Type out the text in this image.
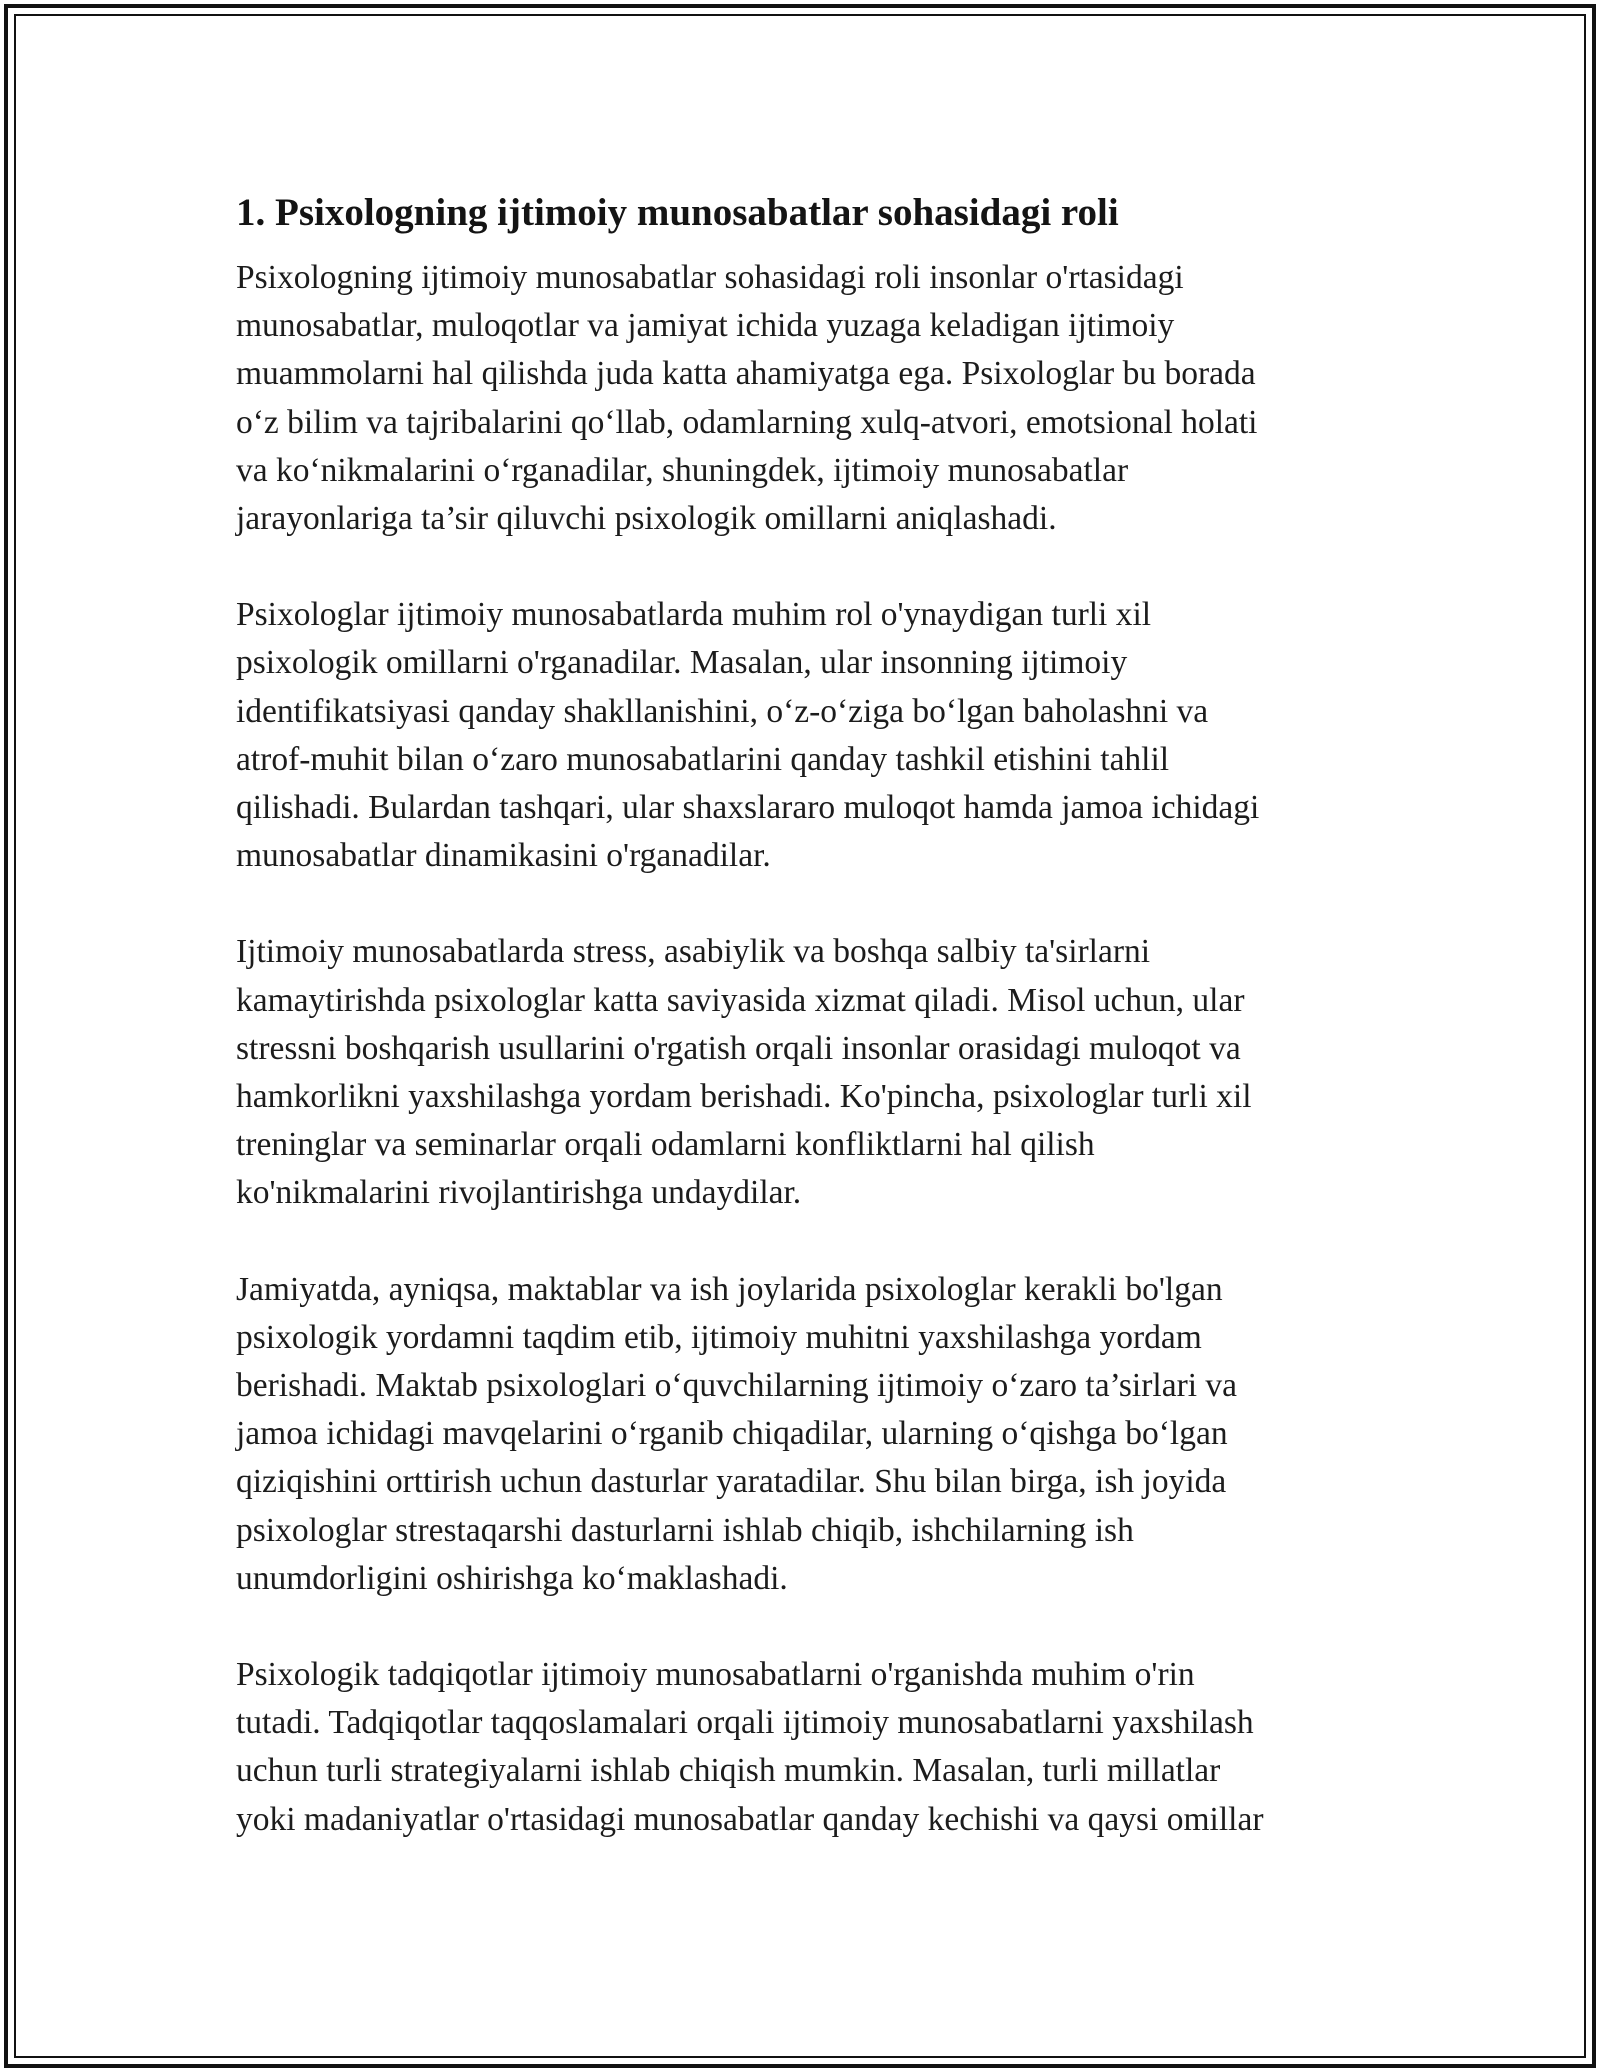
1. Psixologning ijtimoiy munosabatlar sohasidagi roli

Psixologning ijtimoiy munosabatlar sohasidagi roli insonlar o'rtasidagi
munosabatlar, muloqotlar va jamiyat ichida yuzaga keladigan ijtimoiy
muammolarni hal qilishda juda katta ahamiyatga ega. Psixologlar bu borada
o‘z bilim va tajribalarini qo‘llab, odamlarning xulq-atvori, emotsional holati
va ko‘nikmalarini o‘rganadilar, shuningdek, ijtimoiy munosabatlar
jarayonlariga ta’sir qiluvchi psixologik omillarni aniqlashadi.

Psixologlar ijtimoiy munosabatlarda muhim rol o'ynaydigan turli xil
psixologik omillarni o'rganadilar. Masalan, ular insonning ijtimoiy
identifikatsiyasi qanday shakllanishini, o‘z-o‘ziga bo‘lgan baholashni va
atrof-muhit bilan o‘zaro munosabatlarini qanday tashkil etishini tahlil
qilishadi. Bulardan tashqari, ular shaxslararo muloqot hamda jamoa ichidagi
munosabatlar dinamikasini o'rganadilar.

Ijtimoiy munosabatlarda stress, asabiylik va boshqa salbiy ta'sirlarni
kamaytirishda psixologlar katta saviyasida xizmat qiladi. Misol uchun, ular
stressni boshqarish usullarini o'rgatish orqali insonlar orasidagi muloqot va
hamkorlikni yaxshilashga yordam berishadi. Ko'pincha, psixologlar turli xil
treninglar va seminarlar orqali odamlarni konfliktlarni hal qilish
ko'nikmalarini rivojlantirishga undaydilar.

Jamiyatda, ayniqsa, maktablar va ish joylarida psixologlar kerakli bo'lgan
psixologik yordamni taqdim etib, ijtimoiy muhitni yaxshilashga yordam
berishadi. Maktab psixologlari o‘quvchilarning ijtimoiy o‘zaro ta’sirlari va
jamoa ichidagi mavqelarini o‘rganib chiqadilar, ularning o‘qishga bo‘lgan
qiziqishini orttirish uchun dasturlar yaratadilar. Shu bilan birga, ish joyida
psixologlar strestaqarshi dasturlarni ishlab chiqib, ishchilarning ish
unumdorligini oshirishga ko‘maklashadi.

Psixologik tadqiqotlar ijtimoiy munosabatlarni o'rganishda muhim o'rin
tutadi. Tadqiqotlar taqqoslamalari orqali ijtimoiy munosabatlarni yaxshilash
uchun turli strategiyalarni ishlab chiqish mumkin. Masalan, turli millatlar
yoki madaniyatlar o'rtasidagi munosabatlar qanday kechishi va qaysi omillar
